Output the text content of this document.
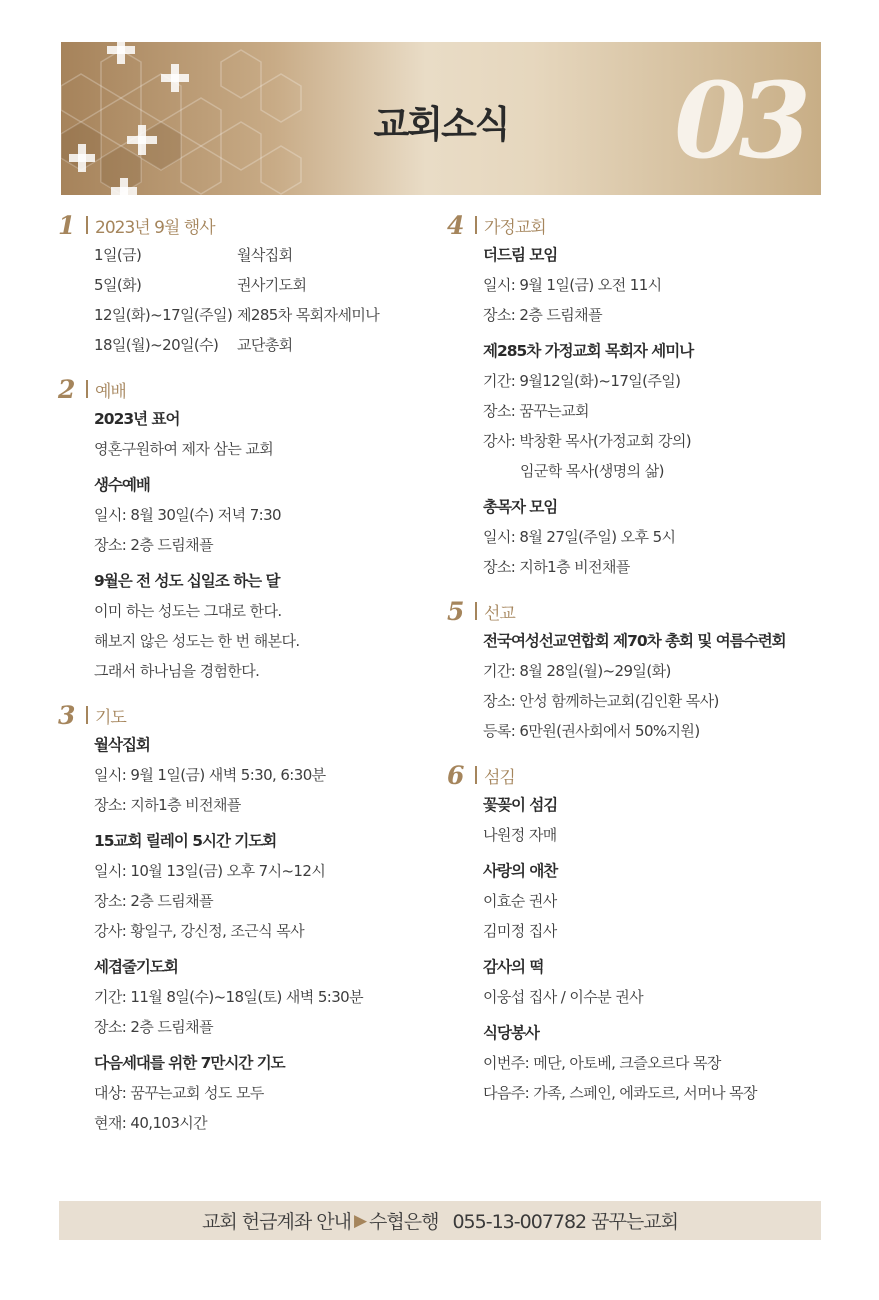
교회소식	03
1	2023년 9월 행사
1일(금)	월삭집회
5일(화)	권사기도회
12일(화)~17일(주일) 제285차 목회자세미나
18일(월)~20일(수)	교단총회
2	예배
2023년 표어
영혼구원하여 제자 삼는 교회
생수예배
일시: 8월 30일(수) 저녁 7:30
장소: 2층 드림채플
9월은 전 성도 십일조 하는 달
이미 하는 성도는 그대로 한다.
해보지 않은 성도는 한 번 해본다.
그래서 하나님을 경험한다.
3	기도
월삭집회
일시: 9월 1일(금) 새벽 5:30, 6:30분
장소: 지하1층 비전채플
15교회 릴레이 5시간 기도회
일시: 10월 13일(금) 오후 7시~12시
장소: 2층 드림채플
강사: 황일구, 강신정, 조근식 목사
세겹줄기도회
기간: 11월 8일(수)~18일(토) 새벽 5:30분
장소: 2층 드림채플
다음세대를 위한 7만시간 기도
대상: 꿈꾸는교회 성도 모두
현재: 40,103시간
4	가정교회
더드림 모임
일시: 9월 1일(금) 오전 11시
장소: 2층 드림채플
제285차 가정교회 목회자 세미나
기간: 9월12일(화)~17일(주일)
장소: 꿈꾸는교회
강사: 박창환 목사(가정교회 강의)
임군학 목사(생명의 삶)
총목자 모임
일시: 8월 27일(주일) 오후 5시
장소: 지하1층 비전채플
5	선교
전국여성선교연합회 제70차 총회 및 여름수련회
기간: 8월 28일(월)~29일(화)
장소: 안성 함께하는교회(김인환 목사)
등록: 6만원(권사회에서 50%지원)
6	섬김
꽃꽂이 섬김
나원정 자매
사랑의 애찬
이효순 권사
김미정 집사
감사의 떡
이웅섭 집사 / 이수분 권사
식당봉사
이번주: 메단, 아토베, 크즐오르다 목장
다음주: 가족, 스페인, 에콰도르, 서머나 목장
교회 헌금계좌 안내 ▶ 수협은행 055-13-007782 꿈꾸는교회
